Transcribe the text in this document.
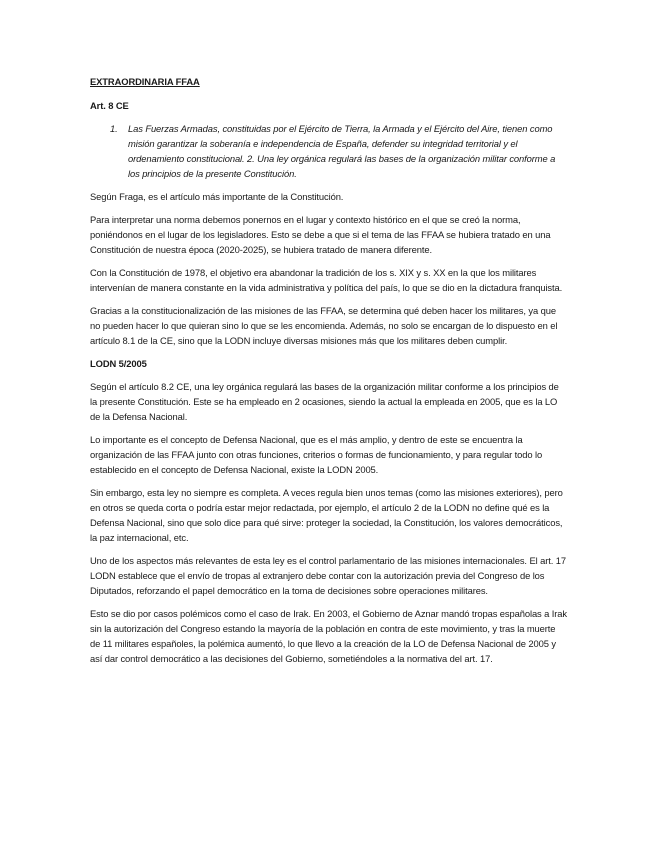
EXTRAORDINARIA FFAA
Art. 8 CE
1.	Las Fuerzas Armadas, constituidas por el Ejército de Tierra, la Armada y el Ejército del Aire, tienen como misión garantizar la soberanía e independencia de España, defender su integridad territorial y el ordenamiento constitucional. 2. Una ley orgánica regulará las bases de la organización militar conforme a los principios de la presente Constitución.

Según Fraga, es el artículo más importante de la Constitución.

Para interpretar una norma debemos ponernos en el lugar y contexto histórico en el que se creó la norma, poniéndonos en el lugar de los legisladores. Esto se debe a que si el tema de las FFAA se hubiera tratado en una Constitución de nuestra época (2020-2025), se hubiera tratado de manera diferente.

Con la Constitución de 1978, el objetivo era abandonar la tradición de los s. XIX y s. XX en la que los militares intervenían de manera constante en la vida administrativa y política del país, lo que se dio en la dictadura franquista.

Gracias a la constitucionalización de las misiones de las FFAA, se determina qué deben hacer los militares, ya que no pueden hacer lo que quieran sino lo que se les encomienda. Además, no solo se encargan de lo dispuesto en el artículo 8.1 de la CE, sino que la LODN incluye diversas misiones más que los militares deben cumplir.

LODN 5/2005

Según el artículo 8.2 CE, una ley orgánica regulará las bases de la organización militar conforme a los principios de la presente Constitución. Este se ha empleado en 2 ocasiones, siendo la actual la empleada en 2005, que es la LO de la Defensa Nacional.

Lo importante es el concepto de Defensa Nacional, que es el más amplio, y dentro de este se encuentra la organización de las FFAA junto con otras funciones, criterios o formas de funcionamiento, y para regular todo lo establecido en el concepto de Defensa Nacional, existe la LODN 2005.

Sin embargo, esta ley no siempre es completa. A veces regula bien unos temas (como las misiones exteriores), pero en otros se queda corta o podría estar mejor redactada, por ejemplo, el artículo 2 de la LODN no define qué es la Defensa Nacional, sino que solo dice para qué sirve: proteger la sociedad, la Constitución, los valores democráticos, la paz internacional, etc.

Uno de los aspectos más relevantes de esta ley es el control parlamentario de las misiones internacionales. El art. 17 LODN establece que el envío de tropas al extranjero debe contar con la autorización previa del Congreso de los Diputados, reforzando el papel democrático en la toma de decisiones sobre operaciones militares.

Esto se dio por casos polémicos como el caso de Irak. En 2003, el Gobierno de Aznar mandó tropas españolas a Irak sin la autorización del Congreso estando la mayoría de la población en contra de este movimiento, y tras la muerte de 11 militares españoles, la polémica aumentó, lo que llevo a la creación de la LO de Defensa Nacional de 2005 y así dar control democrático a las decisiones del Gobierno, sometiéndoles a la normativa del art. 17.
